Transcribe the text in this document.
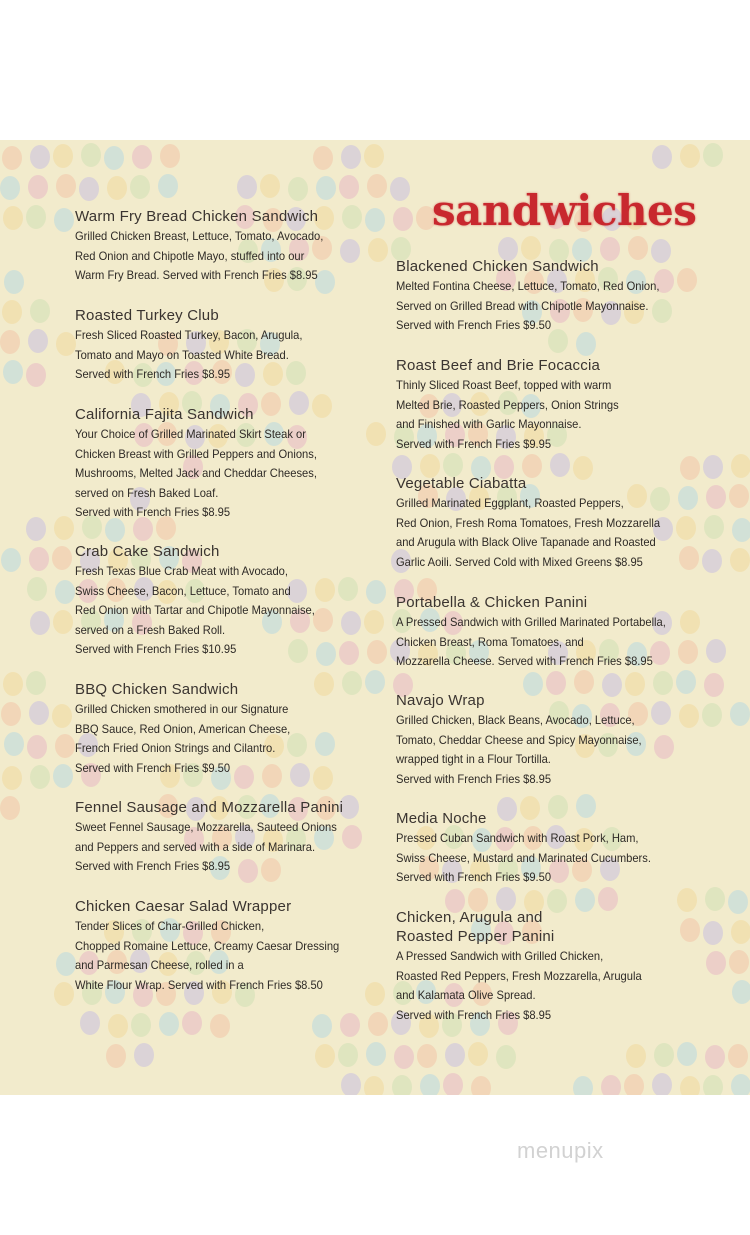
sandwiches
Warm Fry Bread Chicken Sandwich
Grilled Chicken Breast, Lettuce, Tomato, Avocado,
Red Onion and Chipotle Mayo, stuffed into our
Warm Fry Bread. Served with French Fries $8.95
Roasted Turkey Club
Fresh Sliced Roasted Turkey, Bacon, Arugula,
Tomato and Mayo on Toasted White Bread.
Served with French Fries $8.95
California Fajita Sandwich
Your Choice of Grilled Marinated Skirt Steak or
Chicken Breast with Grilled Peppers and Onions,
Mushrooms, Melted Jack and Cheddar Cheeses,
served on Fresh Baked Loaf.
Served with French Fries $8.95
Crab Cake Sandwich
Fresh Texas Blue Crab Meat with Avocado,
Swiss Cheese, Bacon, Lettuce, Tomato and
Red Onion with Tartar and Chipotle Mayonnaise,
served on a Fresh Baked Roll.
Served with French Fries $10.95
BBQ Chicken Sandwich
Grilled Chicken smothered in our Signature
BBQ Sauce, Red Onion, American Cheese,
French Fried Onion Strings and Cilantro.
Served with French Fries $9.50
Fennel Sausage and Mozzarella Panini
Sweet Fennel Sausage, Mozzarella, Sauteed Onions
and Peppers and served with a side of Marinara.
Served with French Fries $8.95
Chicken Caesar Salad Wrapper
Tender Slices of Char-Grilled Chicken,
Chopped Romaine Lettuce, Creamy Caesar Dressing
and Parmesan Cheese, rolled in a
White Flour Wrap. Served with French Fries $8.50
Blackened Chicken Sandwich
Melted Fontina Cheese, Lettuce, Tomato, Red Onion,
Served on Grilled Bread with Chipotle Mayonnaise.
Served with French Fries $9.50
Roast Beef and Brie Focaccia
Thinly Sliced Roast Beef, topped with warm
Melted Brie, Roasted Peppers, Onion Strings
and Finished with Garlic Mayonnaise.
Served with French Fries $9.95
Vegetable Ciabatta
Grilled Marinated Eggplant, Roasted Peppers,
Red Onion, Fresh Roma Tomatoes, Fresh Mozzarella
and Arugula with Black Olive Tapanade and Roasted
Garlic Aoili. Served Cold with Mixed Greens $8.95
Portabella & Chicken Panini
A Pressed Sandwich with Grilled Marinated Portabella,
Chicken Breast, Roma Tomatoes, and
Mozzarella Cheese. Served with French Fries $8.95
Navajo Wrap
Grilled Chicken, Black Beans, Avocado, Lettuce,
Tomato, Cheddar Cheese and Spicy Mayonnaise,
wrapped tight in a Flour Tortilla.
Served with French Fries $8.95
Media Noche
Pressed Cuban Sandwich with Roast Pork, Ham,
Swiss Cheese, Mustard and Marinated Cucumbers.
Served with French Fries $9.50
Chicken, Arugula and
Roasted Pepper Panini
A Pressed Sandwich with Grilled Chicken,
Roasted Red Peppers, Fresh Mozzarella, Arugula
and Kalamata Olive Spread.
Served with French Fries $8.95
menupix
